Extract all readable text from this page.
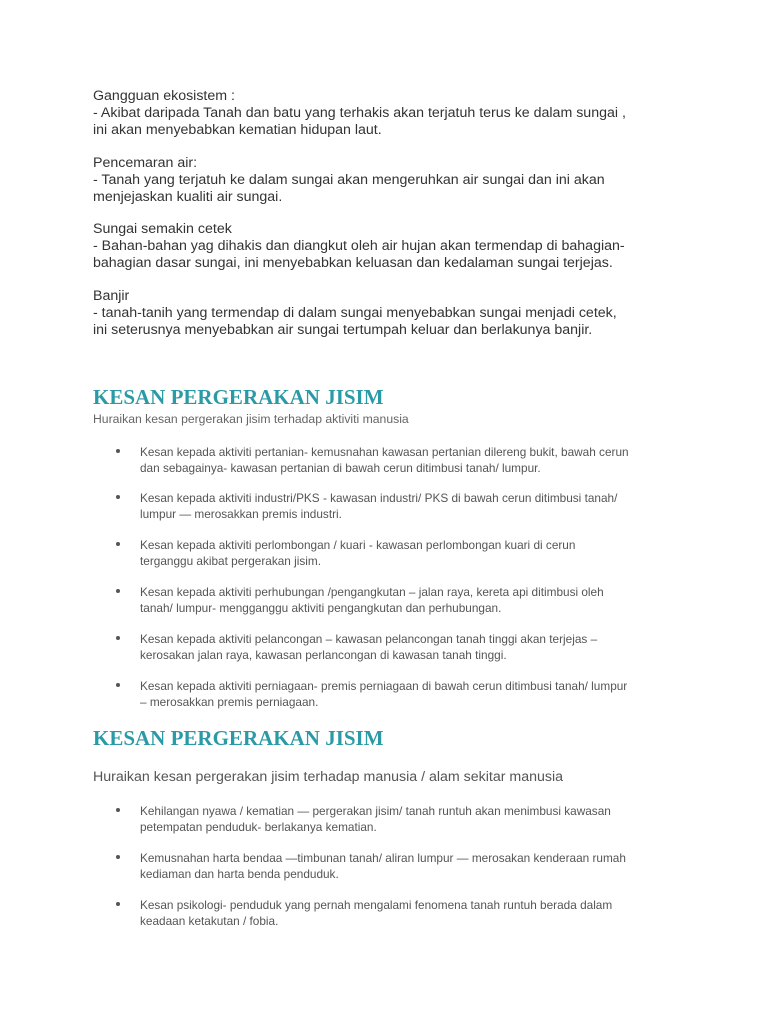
Gangguan ekosistem :
- Akibat daripada Tanah dan batu yang terhakis akan terjatuh terus ke dalam sungai ,
ini akan menyebabkan kematian hidupan laut.
Pencemaran air:
- Tanah yang terjatuh ke dalam sungai akan mengeruhkan air sungai dan ini akan
menjejaskan kualiti air sungai.
Sungai semakin cetek
- Bahan-bahan yag dihakis dan diangkut oleh air hujan akan termendap di bahagian-
bahagian dasar sungai, ini menyebabkan keluasan dan kedalaman sungai terjejas.
Banjir
- tanah-tanih yang termendap di dalam sungai menyebabkan sungai menjadi cetek,
ini seterusnya menyebabkan air sungai tertumpah keluar dan berlakunya banjir.
KESAN PERGERAKAN JISIM
Huraikan kesan pergerakan jisim terhadap aktiviti manusia
Kesan kepada aktiviti pertanian- kemusnahan kawasan pertanian dilereng bukit, bawah cerun
dan sebagainya- kawasan pertanian di bawah cerun ditimbusi tanah/ lumpur.
Kesan kepada aktiviti industri/PKS - kawasan industri/ PKS di bawah cerun ditimbusi tanah/
lumpur — merosakkan premis industri.
Kesan kepada aktiviti perlombongan / kuari - kawasan perlombongan kuari di cerun
terganggu akibat pergerakan jisim.
Kesan kepada aktiviti perhubungan /pengangkutan – jalan raya, kereta api ditimbusi oleh
tanah/ lumpur- mengganggu aktiviti pengangkutan dan perhubungan.
Kesan kepada aktiviti pelancongan – kawasan pelancongan tanah tinggi akan terjejas –
kerosakan jalan raya, kawasan perlancongan di kawasan tanah tinggi.
Kesan kepada aktiviti perniagaan- premis perniagaan di bawah cerun ditimbusi tanah/ lumpur
– merosakkan premis perniagaan.
KESAN PERGERAKAN JISIM
Huraikan kesan pergerakan jisim terhadap manusia / alam sekitar manusia
Kehilangan nyawa / kematian — pergerakan jisim/ tanah runtuh akan menimbusi kawasan
petempatan penduduk- berlakanya kematian.
Kemusnahan harta bendaa —timbunan tanah/ aliran lumpur — merosakan kenderaan rumah
kediaman dan harta benda penduduk.
Kesan psikologi- penduduk yang pernah mengalami fenomena tanah runtuh berada dalam
keadaan ketakutan / fobia.
